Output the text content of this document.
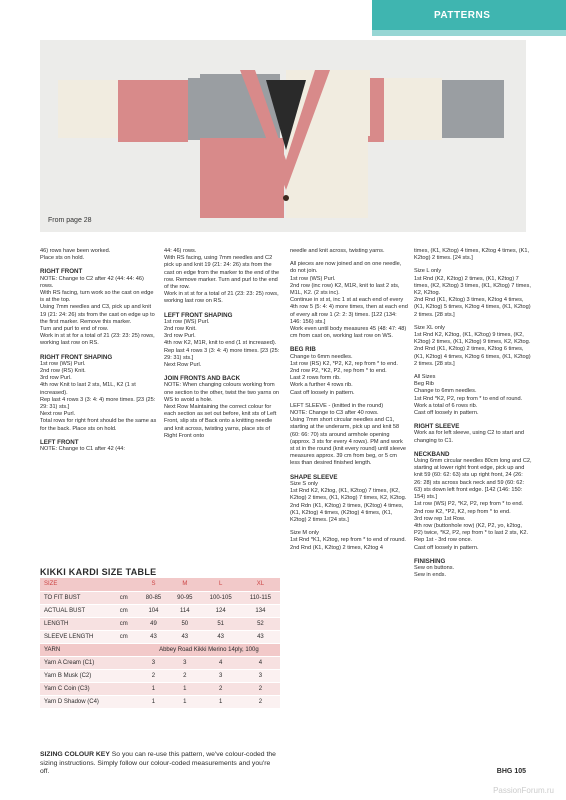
PATTERNS
From page 28

46) rows have been worked.

Place sts on hold.

RIGHT FRONT

NOTE: Change to C2 after 42 (44: 44: 46) rows.

With RS facing, turn work so the cast on edge is at the top.

Using 7mm needles and C3, pick up and knit 19 (21: 24: 26) sts from the cast on edge up to the first marker. Remove this marker.

Turn and purl to end of row.

Work in st st for a total of 21 (23: 23: 25) rows, working last row on RS.

RIGHT FRONT SHAPING

1st row (WS) Purl.

2nd row (RS) Knit.

3rd row Purl.

4th row Knit to last 2 sts, M1L, K2 (1 st increased).

Rep last 4 rows 3 (3: 4: 4) more times. [23 (25: 29: 31) sts.]

Next row Purl.

Total rows for right front should be the same as for the back. Place sts on hold.

LEFT FRONT

NOTE: Change to C1 after 42 (44:

44: 46) rows.

With RS facing, using 7mm needles and C2 pick up and knit 19 (21: 24: 26) sts from the cast on edge from the marker to the end of the row. Remove marker. Turn and purl to the end of the row.

Work in st st for a total of 21 (23: 23: 25) rows, working last row on RS.

LEFT FRONT SHAPING

1st row (WS) Purl.

2nd row Knit.

3rd row Purl.

4th row K2, M1R, knit to end (1 st increased).

Rep last 4 rows 3 (3: 4: 4) more times. [23 (25: 29: 31) sts.]

Next Row Purl.

JOIN FRONTS AND BACK

NOTE: When changing colours working from one section to the other, twist the two yarns on WS to avoid a hole.

Next Row Maintaining the correct colour for each section as set out before, knit sts of Left Front, slip sts of Back onto a knitting needle and knit across, twisting yarns, place sts of Right Front onto

needle and knit across, twisting yarns.

All pieces are now joined and on one needle, do not join.

1st row (WS) Purl.

2nd row (inc row) K2, M1R, knit to last 2 sts, M1L, K2. (2 sts inc).

Continue in st st, inc 1 st at each end of every 4th row 5 (5: 4: 4) more times, then at each end of every alt row 1 (2: 2: 3) times. [122 (134: 146: 156) sts.]

Work even until body measures 45 (48: 47: 48) cm from cast on, working last row on WS.

BEG RIB

Change to 6mm needles.

1st row (RS) K2, *P2, K2, rep from * to end.

2nd row P2, *K2, P2, rep from * to end.

Last 2 rows form rib.

Work a further 4 rows rib.

Cast off loosely in pattern.

LEFT SLEEVE - (knitted in the round)

NOTE: Change to C3 after 40 rows.

Using 7mm short circular needles and C1, starting at the underarm, pick up and knit 58 (60: 66: 70) sts around armhole opening (approx. 3 sts for every 4 rows). PM and work st st in the round (knit every round) until sleeve measures approx. 39 cm from beg, or 5 cm less than desired finished length.

SHAPE SLEEVE

Size S only

1st Rnd K2, K2tog, (K1, K2tog) 7 times, (K2, K2tog) 2 times, (K1, K2tog) 7 times, K2, K2tog.

2nd Rdn (K1, K2tog) 2 times, (K2tog) 4 times, (K1, K2tog) 4 times, (K2tog) 4 times, (K1, K2tog) 2 times. [24 sts.]

Size M only

1st Rnd *K1, K2tog, rep from * to end of round.

2nd Rnd (K1, K2tog) 2 times, K2tog 4

times, (K1, K2tog) 4 times, K2tog 4 times, (K1, K2tog) 2 times. [24 sts.]

Size L only

1st Rnd (K2, K2tog) 2 times, (K1, K2tog) 7 times, (K2, K2tog) 3 times, (K1, K2tog) 7 times, K2, K2tog.

2nd Rnd (K1, K2tog) 3 times, K2tog 4 times, (K1, K2tog) 5 times, K2tog 4 times, (K1, K2tog) 2 times. [28 sts.]

Size XL only

1st Rnd K2, K2tog, (K1, K2tog) 9 times, (K2, K2tog) 2 times, (K1, K2tog) 9 times, K2, K2tog.

2nd Rnd (K1, K2tog) 2 times, K2tog 6 times, (K1, K2tog) 4 times, K2tog 6 times, (K1, K2tog) 2 times. [28 sts.]

All Sizes

Beg Rib

Change to 6mm needles.

1st Rnd *K2, P2, rep from * to end of round.

Work a total of 6 rows rib.

Cast off loosely in pattern.

RIGHT SLEEVE

Work as for left sleeve, using C2 to start and changing to C1.

NECKBAND

Using 6mm circular needles 80cm long and C2, starting at lower right front edge, pick up and knit 59 (60: 62: 63) sts up right front, 24 (26: 26: 28) sts across back neck and 59 (60: 62: 63) sts down left front edge. [142 (146: 150: 154) sts.]

1st row (WS) P2, *K2, P2, rep from * to end.

2nd row K2, *P2, K2, rep from * to end.

3rd row rep 1st Row.

4th row (buttonhole row) (K2, P2, yo, k2tog, P2) twice, *K2, P2, rep from * to last 2 sts, K2.

Rep 1st - 3rd row once.

Cast off loosely in pattern.

FINISHING

Sew on buttons.

Sew in ends.

KIKKI KARDI SIZE TABLE
SIZE		S	M	L	XL
TO FIT BUST	cm	80-85	90-95	100-105	110-115
ACTUAL BUST	cm	104	114	124	134
LENGTH	cm	49	50	51	52
SLEEVE LENGTH	cm	43	43	43	43
YARN		Abbey Road Kikki Merino 14ply, 100g			
Yarn A Cream (C1)		3	3	4	4
Yarn B Musk (C2)		2	2	3	3
Yarn C Coin (C3)		1	1	2	2
Yarn D Shadow (C4)		1	1	1	2
SIZING COLOUR KEY So you can re-use this pattern, we've colour-coded the sizing instructions. Simply follow our colour-coded measurements and you're off.	BHG 105
PassionForum.ru
